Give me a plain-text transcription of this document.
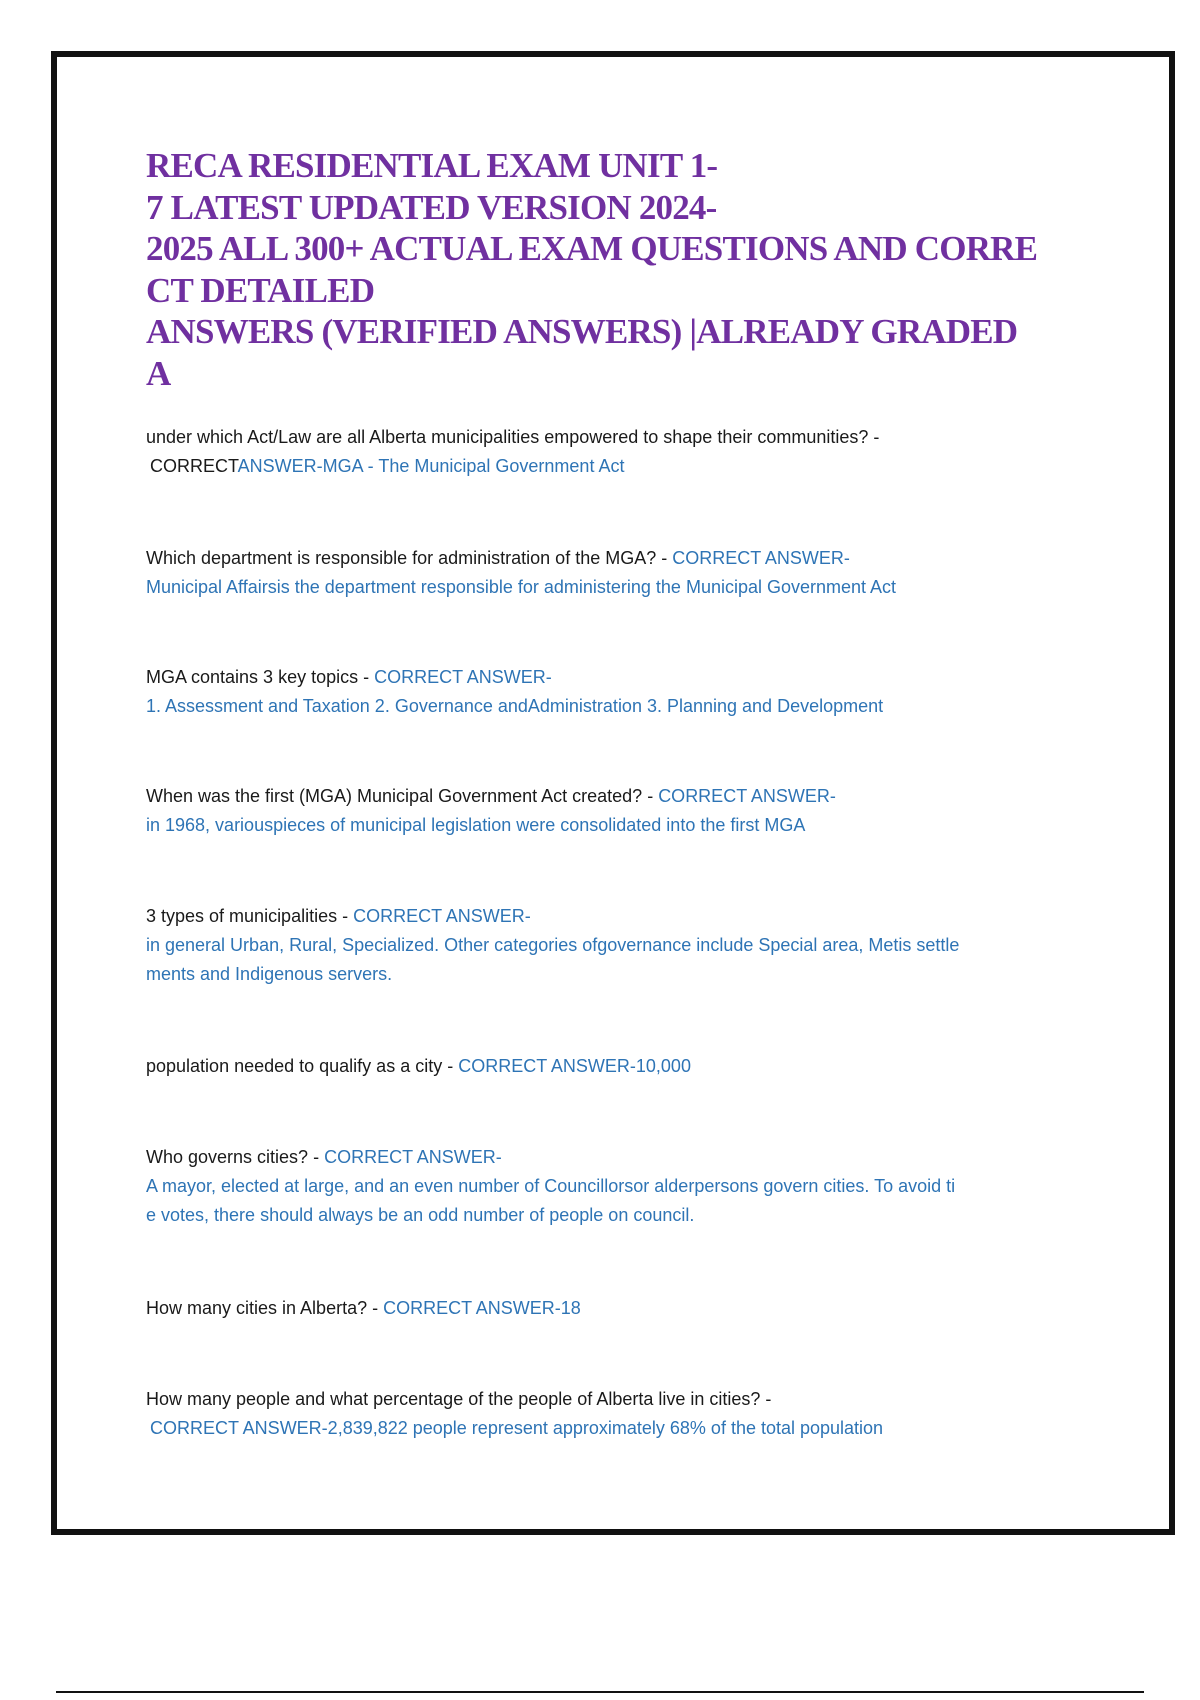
RECA RESIDENTIAL EXAM UNIT 1-
7 LATEST UPDATED VERSION 2024-
2025 ALL 300+ ACTUAL EXAM QUESTIONS AND CORRE
CT DETAILED
ANSWERS (VERIFIED ANSWERS) |ALREADY GRADED
A
under which Act/Law are all Alberta municipalities empowered to shape their communities? -
CORRECTANSWER-MGA - The Municipal Government Act
Which department is responsible for administration of the MGA? - CORRECT ANSWER-
Municipal Affairsis the department responsible for administering the Municipal Government Act
MGA contains 3 key topics - CORRECT ANSWER-
1. Assessment and Taxation 2. Governance andAdministration 3. Planning and Development
When was the first (MGA) Municipal Government Act created? - CORRECT ANSWER-
in 1968, variouspieces of municipal legislation were consolidated into the first MGA
3 types of municipalities - CORRECT ANSWER-
in general Urban, Rural, Specialized. Other categories ofgovernance include Special area, Metis settle
ments and Indigenous servers.
population needed to qualify as a city - CORRECT ANSWER-10,000
Who governs cities? - CORRECT ANSWER-
A mayor, elected at large, and an even number of Councillorsor alderpersons govern cities. To avoid ti
e votes, there should always be an odd number of people on council.
How many cities in Alberta? - CORRECT ANSWER-18
How many people and what percentage of the people of Alberta live in cities? -
CORRECT ANSWER-2,839,822 people represent approximately 68% of the total population
